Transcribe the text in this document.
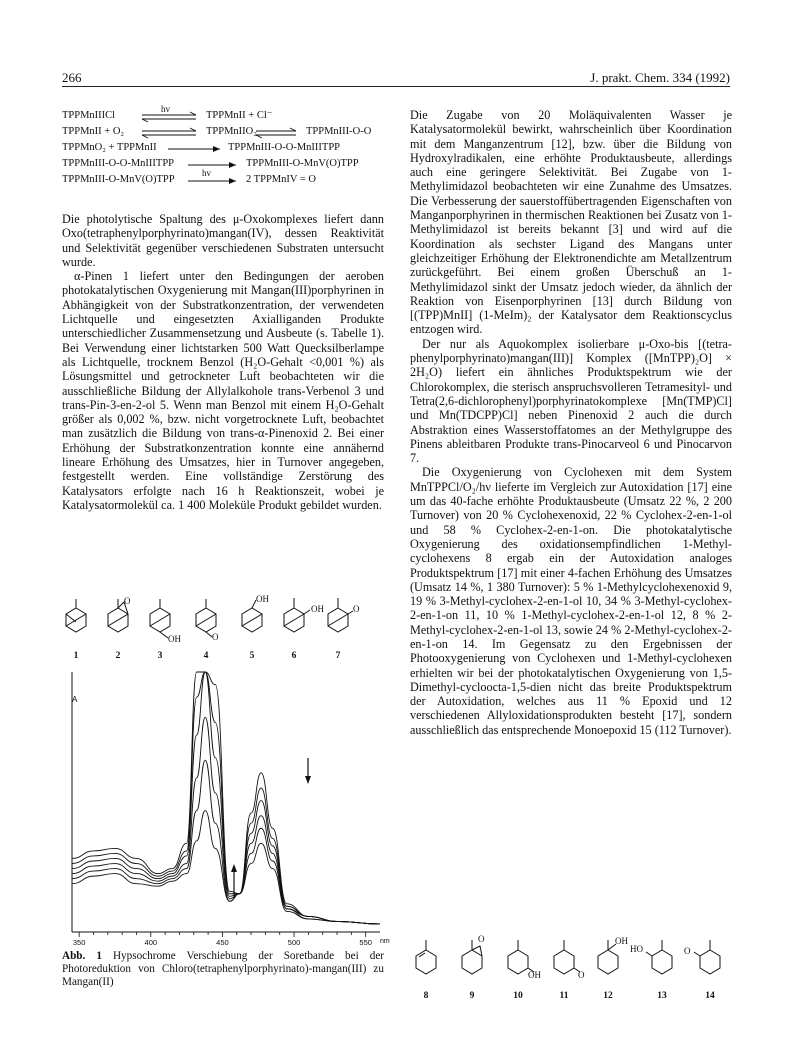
266	J. prakt. Chem. 334 (1992)
TPPMnIIICl
hv
TPPMnII + Cl⁻
TPPMnII + O₂	TPPMnIIO₂	TPPMnIII-O-O
TPPMnO₂ + TPPMnII	TPPMnIII-O-O-MnIIITPP
TPPMnIII-O-O-MnIIITPP	TPPMnIII-O-MnV(O)TPP
TPPMnIII-O-MnV(O)TPP
hv
2 TPPMnIV = O

Die photolytische Spaltung des μ-Oxokomplexes liefert dann Oxo(tetraphenylporphyrinato)mangan(IV), dessen Reaktivität und Selektivität gegenüber verschiedenen Substraten untersucht wurde.

α-Pinen 1 liefert unter den Bedingungen der aeroben photokatalytischen Oxygenierung mit Mangan(III)porphyrinen in Abhängigkeit von der Substratkonzentration, der verwendeten Lichtquelle und eingesetzten Axialliganden Produkte unterschiedlicher Zusammensetzung und Ausbeute (s. Tabelle 1). Bei Verwendung einer lichtstarken 500 Watt Quecksilberlampe als Lichtquelle, trocknem Benzol (H₂O-Gehalt <0,001 %) als Lösungsmittel und getrockneter Luft beobachteten wir die ausschließliche Bildung der Allylalkohole trans-Verbenol 3 und trans-Pin-3-en-2-ol 5. Wenn man Benzol mit einem H₂O-Gehalt größer als 0,002 %, bzw. nicht vorgetrocknete Luft, beobachtet man zusätzlich die Bildung von trans-α-Pinenoxid 2. Bei einer Erhöhung der Substratkonzentration konnte eine annähernd lineare Erhöhung des Umsatzes, hier in Turnover angegeben, festgestellt werden. Eine vollständige Zerstörung des Katalysators erfolgte nach 16 h Reaktionszeit, wobei je Katalysatormolekül ca. 1 400 Moleküle Produkt gebildet wurden.

O
OH	O
OH
OH	O
1	2	3	4	5	6	7
350	400	450	500	550
A
nm
Abb. 1 Hypsochrome Verschiebung der Soretbande bei der Photoreduktion von Chloro(tetraphenylporphyrinato)-mangan(III) zu Mangan(II)

Die Zugabe von 20 Moläquivalenten Wasser je Katalysatormolekül bewirkt, wahrscheinlich über Koordination mit dem Manganzentrum [12], bzw. über die Bildung von Hydroxylradikalen, eine erhöhte Produktausbeute, allerdings auch eine geringere Selektivität. Bei Zugabe von 1-Methylimidazol beobachteten wir eine Zunahme des Umsatzes. Die Verbesserung der sauerstoffübertragenden Eigenschaften von Manganporphyrinen in thermischen Reaktionen bei Zusatz von 1-Methylimidazol ist bereits bekannt [3] und wird auf die Koordination als sechster Ligand des Mangans unter gleichzeitiger Erhöhung der Elektronendichte am Metallzentrum zurückgeführt. Bei einem großen Überschuß an 1-Methylimidazol sinkt der Umsatz jedoch wieder, da ähnlich der Reaktion von Eisenporphyrinen [13] durch Bildung von [(TPP)MnII] (1-MeIm)₂ der Katalysator dem Reaktionscyclus entzogen wird.

Der nur als Aquokomplex isolierbare μ-Oxo-bis [(tetra-phenylporphyrinato)mangan(III)] Komplex ([MnTPP)₂O] × 2H₂O) liefert ein ähnliches Produktspektrum wie der Chlorokomplex, die sterisch anspruchsvolleren Tetramesityl- und Tetra(2,6-dichlorophenyl)porphyrinatokomplexe [Mn(TMP)Cl] und Mn(TDCPP)Cl] neben Pinenoxid 2 auch die durch Abstraktion eines Wasserstoffatomes an der Methylgruppe des Pinens ableitbaren Produkte trans-Pinocarveol 6 und Pinocarvon 7.

Die Oxygenierung von Cyclohexen mit dem System MnTPPCl/O₂/hν lieferte im Vergleich zur Autoxidation [17] eine um das 40-fache erhöhte Produktausbeute (Umsatz 22 %, 2 200 Turnover) von 20 % Cyclohexenoxid, 22 % Cyclohex-2-en-1-ol und 58 % Cyclohex-2-en-1-on. Die photokatalytische Oxygenierung des oxidationsempfindlichen 1-Methyl-cyclohexens 8 ergab ein der Autoxidation analoges Produktspektrum [17] mit einer 4-fachen Erhöhung des Umsatzes (Umsatz 14 %, 1 380 Turnover): 5 % 1-Methylcyclohexenoxid 9, 19 % 3-Methyl-cyclohex-2-en-1-ol 10, 34 % 3-Methyl-cyclohex-2-en-1-on 11, 10 % 1-Methyl-cyclohex-2-en-1-ol 12, 8 % 2-Methyl-cyclohex-2-en-1-ol 13, sowie 24 % 2-Methyl-cyclohex-2-en-1-on 14. Im Gegensatz zu den Ergebnissen der Photooxygenierung von Cyclohexen und 1-Methyl-cyclohexen erhielten wir bei der photokatalytischen Oxygenierung von 1,5-Dimethyl-cycloocta-1,5-dien nicht das breite Produktspektrum der Autoxidation, welches aus 11 % Epoxid und 12 verschiedenen Allyloxidationsprodukten besteht [17], sondern ausschließlich das entsprechende Monoepoxid 15 (112 Turnover).

O
OH	O
OH
HO	O
8	9	10	11	12	13	14
